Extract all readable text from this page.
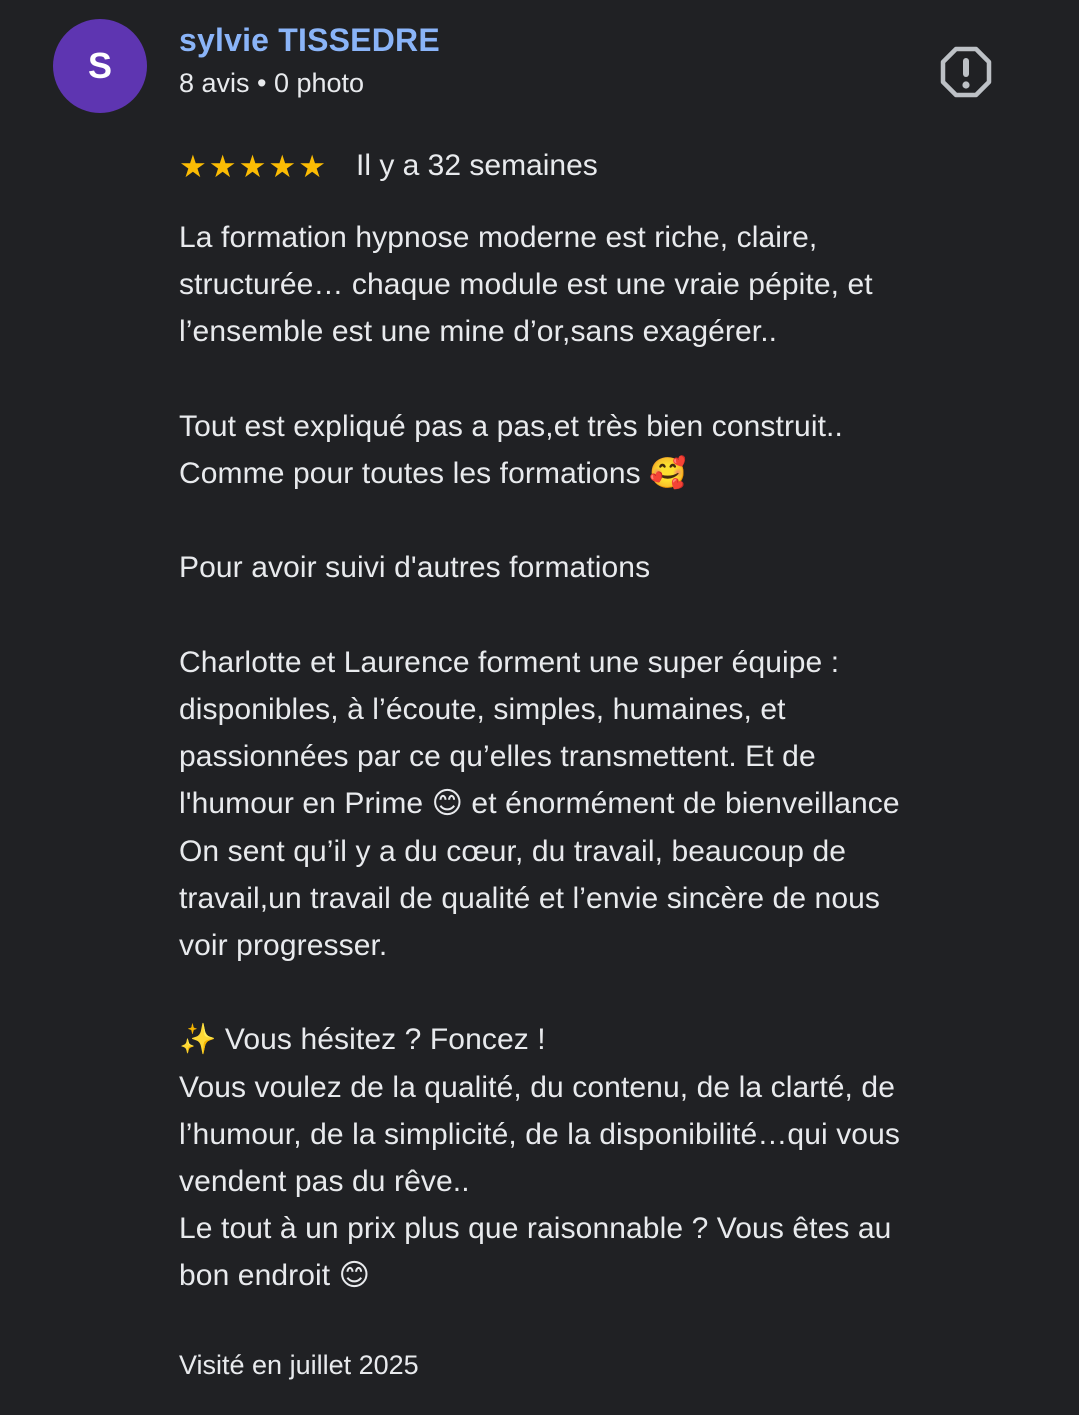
S
sylvie TISSEDRE
8 avis • 0 photo
★ ★ ★ ★ ★ Il y a 32 semaines
La formation hypnose moderne est riche, claire,
structurée… chaque module est une vraie pépite, et
l’ensemble est une mine d’or,sans exagérer..
Tout est expliqué pas a pas,et très bien construit..
Comme pour toutes les formations 🥰
Pour avoir suivi d'autres formations
Charlotte et Laurence forment une super équipe :
disponibles, à l’écoute, simples, humaines, et
passionnées par ce qu’elles transmettent. Et de
l'humour en Prime 😊 et énormément de bienveillance
On sent qu’il y a du cœur, du travail, beaucoup de
travail,un travail de qualité et l’envie sincère de nous
voir progresser.
✨ Vous hésitez ? Foncez !
Vous voulez de la qualité, du contenu, de la clarté, de
l’humour, de la simplicité, de la disponibilité…qui vous
vendent pas du rêve..
Le tout à un prix plus que raisonnable ? Vous êtes au
bon endroit 😊
Visité en juillet 2025
